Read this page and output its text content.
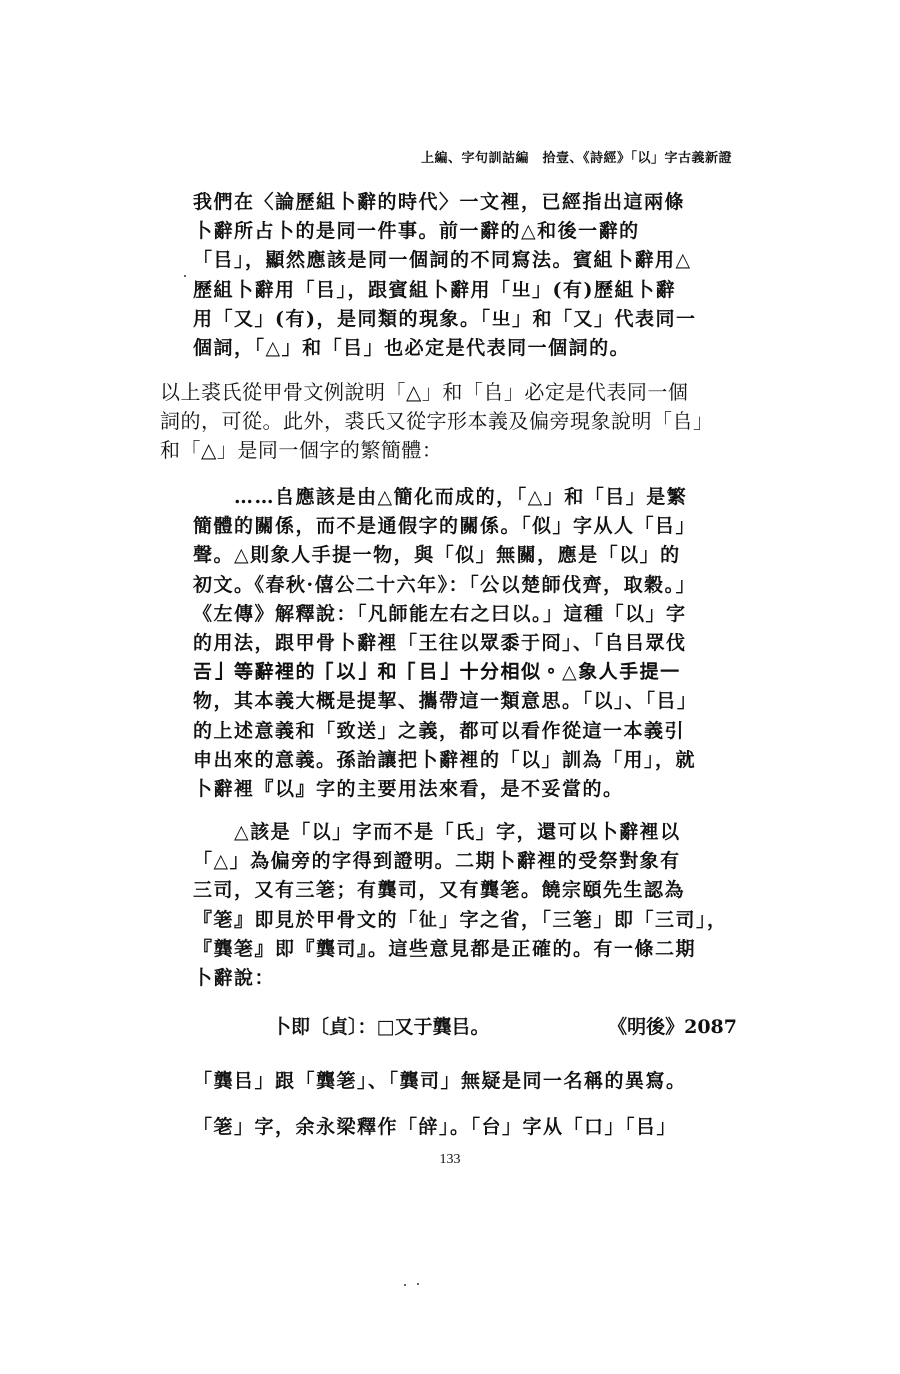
上編、字句訓詁編　拾壹、《詩經》「以」字古義新證

我們在〈論歷組卜辭的時代〉一文裡，已經指出這兩條

卜辭所占卜的是同一件事。前一辭的△和後一辭的

「㠯」，顯然應該是同一個詞的不同寫法。賓組卜辭用△

歷組卜辭用「㠯」，跟賓組卜辭用「㞢」(有)歷組卜辭

用「又」(有)，是同類的現象。「㞢」和「又」代表同一

個詞，「△」和「㠯」也必定是代表同一個詞的。

以上裘氏從甲骨文例說明「△」和「𠂤」必定是代表同一個

詞的，可從。此外，裘氏又從字形本義及偏旁現象說明「𠂤」

和「△」是同一個字的繁簡體：

　　……𠂤應該是由△簡化而成的，「△」和「㠯」是繁

簡體的關係，而不是通假字的關係。「似」字从人「㠯」

聲。△則象人手提一物，與「似」無關，應是「以」的

初文。《春秋·僖公二十六年》：「公以楚師伐齊，取穀。」

《左傳》解釋說：「凡師能左右之曰以。」這種「以」字

的用法，跟甲骨卜辭裡「王往以眾黍于冏」、「𠂤㠯眾伐

𢀛」等辭裡的「以」和「㠯」十分相似。△象人手提一

物，其本義大概是提挈、攜帶這一類意思。「以」、「㠯」

的上述意義和「致送」之義，都可以看作從這一本義引

申出來的意義。孫詒讓把卜辭裡的「以」訓為「用」，就

卜辭裡『以』字的主要用法來看，是不妥當的。

　　△該是「以」字而不是「氏」字，還可以卜辭裡以

「△」為偏旁的字得到證明。二期卜辭裡的受祭對象有

三司，又有三䇭；有龔司，又有龔䇭。饒宗頤先生認為

『䇭』即見於甲骨文的「𢓊」字之省，「三䇭」即「三司」，

『龔䇭』即『龔司』。這些意見都是正確的。有一條二期

卜辭說：

卜即〔貞〕：□又于龔㠯。	《明後》2087

「龔㠯」跟「龔䇭」、「龔司」無疑是同一名稱的異寫。

「䇭」字，余永梁釋作「辝」。「台」字从「口」「㠯」

133
